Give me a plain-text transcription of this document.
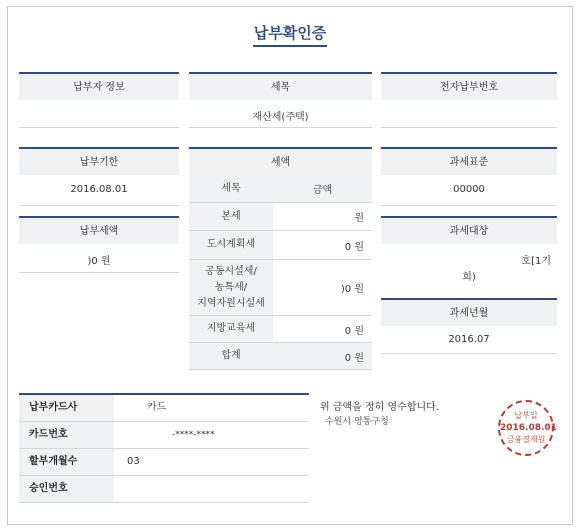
납부확인증
납부자 정보
납부기한
2016.08.01
납부세액
)0 원
세목
재산세(주택)
세액
세목	금액
본세	원
도시계획세	0 원
공동시설세/
농특세/
지역자원시설세
)0 원
지방교육세	0 원
합계	0 원
전자납부번호
과세표준
00000
과세대상
호[1기
희)
과세년월
2016.07
납부카드사	카드
카드번호	-****-****
할부개월수	03
승인번호
위 금액을 정히 영수합니다.
수원시 영통구청
납부일
2016.08.01
금융결제원
